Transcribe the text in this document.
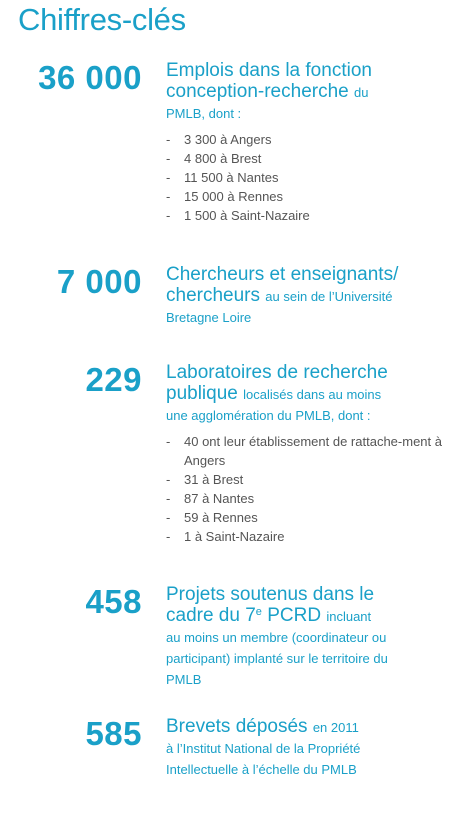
Chiffres-clés
36 000 Emplois dans la fonction conception-recherche du
PMLB, dont :
- 3 300 à Angers
- 4 800 à Brest
- 11 500 à Nantes
- 15 000 à Rennes
- 1 500 à Saint-Nazaire
7 000 Chercheurs et enseignants/ chercheurs au sein de l’Université
Bretagne Loire
229 Laboratoires de recherche publique localisés dans au moins
une agglomération du PMLB, dont :
- 40 ont leur établissement de rattache-ment à Angers
- 31 à Brest
- 87 à Nantes
- 59 à Rennes
- 1 à Saint-Nazaire
458 Projets soutenus dans le cadre du 7e PCRD incluant
au moins un membre (coordinateur ou participant) implanté sur le territoire du PMLB
585 Brevets déposés en 2011
à l’Institut National de la Propriété Intellectuelle à l’échelle du PMLB
